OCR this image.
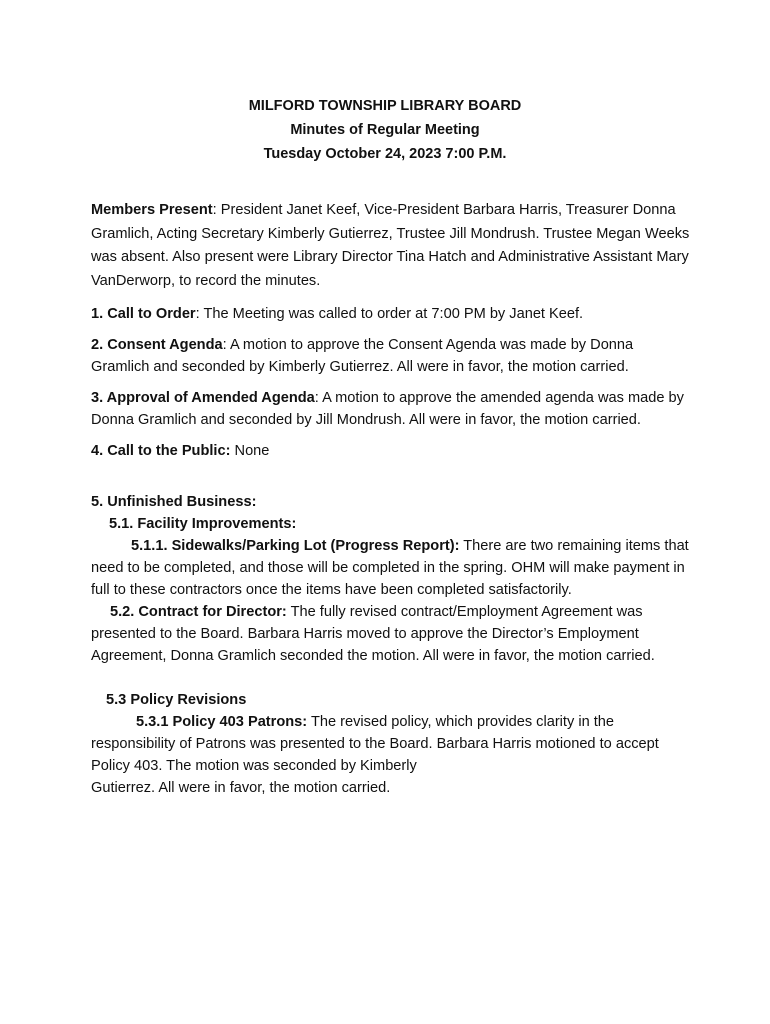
MILFORD TOWNSHIP LIBRARY BOARD
Minutes of Regular Meeting
Tuesday October 24, 2023 7:00 P.M.

Members Present: President Janet Keef, Vice-President Barbara Harris, Treasurer Donna Gramlich, Acting Secretary Kimberly Gutierrez, Trustee Jill Mondrush. Trustee Megan Weeks was absent. Also present were Library Director Tina Hatch and Administrative Assistant Mary VanDerworp, to record the minutes.

1. Call to Order: The Meeting was called to order at 7:00 PM by Janet Keef.

2. Consent Agenda: A motion to approve the Consent Agenda was made by Donna Gramlich and seconded by Kimberly Gutierrez. All were in favor, the motion carried.

3. Approval of Amended Agenda: A motion to approve the amended agenda was made by Donna Gramlich and seconded by Jill Mondrush. All were in favor, the motion carried.

4. Call to the Public: None

5. Unfinished Business:
5.1. Facility Improvements:
5.1.1. Sidewalks/Parking Lot (Progress Report): There are two remaining items that need to be completed, and those will be completed in the spring. OHM will make payment in full to these contractors once the items have been completed satisfactorily.
5.2. Contract for Director: The fully revised contract/Employment Agreement was presented to the Board. Barbara Harris moved to approve the Director’s Employment Agreement, Donna Gramlich seconded the motion. All were in favor, the motion carried.
5.3 Policy Revisions
5.3.1 Policy 403 Patrons: The revised policy, which provides clarity in the responsibility of Patrons was presented to the Board. Barbara Harris motioned to accept Policy 403. The motion was seconded by Kimberly
Gutierrez. All were in favor, the motion carried.
